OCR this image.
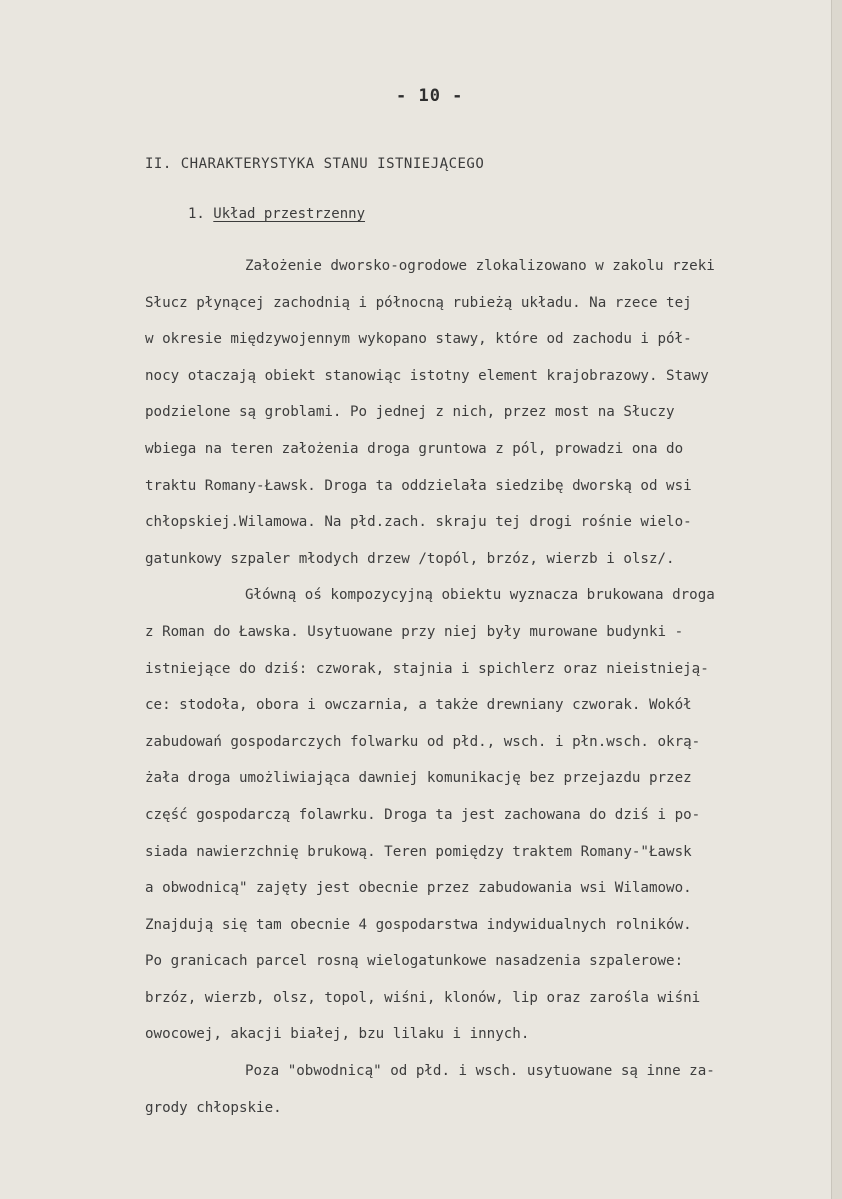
- 10 -
II. CHARAKTERYSTYKA STANU ISTNIEJĄCEGO
1. Układ przestrzenny
Założenie dworsko-ogrodowe zlokalizowano w zakolu rzeki
Słucz płynącej zachodnią i północną rubieżą układu. Na rzece tej
w okresie międzywojennym wykopano stawy, które od zachodu i pół-
nocy otaczają obiekt stanowiąc istotny element krajobrazowy. Stawy
podzielone są groblami. Po jednej z nich, przez most na Słuczy
wbiega na teren założenia droga gruntowa z pól, prowadzi ona do
traktu Romany-Ławsk. Droga ta oddzielała siedzibę dworską od wsi
chłopskiej.Wilamowa. Na płd.zach. skraju tej drogi rośnie wielo-
gatunkowy szpaler młodych drzew /topól, brzóz, wierzb i olsz/.
Główną oś kompozycyjną obiektu wyznacza brukowana droga
z Roman do Ławska. Usytuowane przy niej były murowane budynki -
istniejące do dziś: czworak, stajnia i spichlerz oraz nieistnieją-
ce: stodoła, obora i owczarnia, a także drewniany czworak. Wokół
zabudowań gospodarczych folwarku od płd., wsch. i płn.wsch. okrą-
żała droga umożliwiająca dawniej komunikację bez przejazdu przez
część gospodarczą folawrku. Droga ta jest zachowana do dziś i po-
siada nawierzchnię brukową. Teren pomiędzy traktem Romany-"Ławsk
a obwodnicą" zajęty jest obecnie przez zabudowania wsi Wilamowo.
Znajdują się tam obecnie 4 gospodarstwa indywidualnych rolników.
Po granicach parcel rosną wielogatunkowe nasadzenia szpalerowe:
brzóz, wierzb, olsz, topol, wiśni, klonów, lip oraz zarośla wiśni
owocowej, akacji białej, bzu lilaku i innych.
Poza "obwodnicą" od płd. i wsch. usytuowane są inne za-
grody chłopskie.
